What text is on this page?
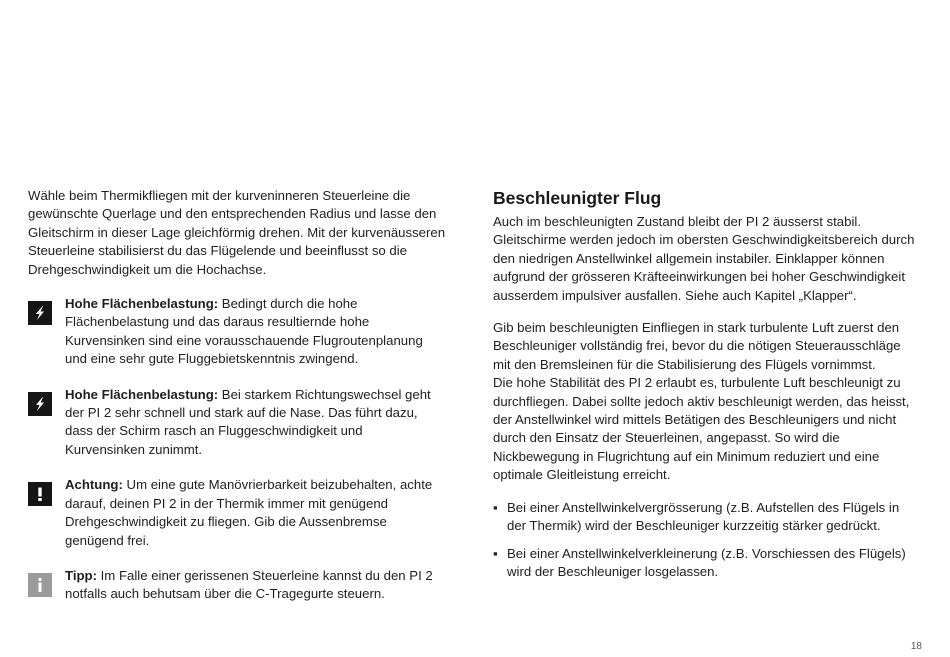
Wähle beim Thermikfliegen mit der kurveninneren Steuerleine die gewünschte Querlage und den entsprechenden Radius und lasse den Gleitschirm in dieser Lage gleichförmig drehen. Mit der kurvenäusseren Steuerleine stabilisierst du das Flügelende und beeinflusst so die Drehgeschwindigkeit um die Hochachse.

Hohe Flächenbelastung: Bedingt durch die hohe Flächenbelastung und das daraus resultiernde hohe Kurvensinken sind eine vorausschauende Flugroutenplanung und eine sehr gute Fluggebietskenntnis zwingend.

Hohe Flächenbelastung: Bei starkem Richtungswechsel geht der PI 2 sehr schnell und stark auf die Nase. Das führt dazu, dass der Schirm rasch an Fluggeschwindigkeit und Kurvensinken zunimmt.

Achtung: Um eine gute Manövrierbarkeit beizubehalten, achte darauf, deinen PI 2 in der Thermik immer mit genügend Drehgeschwindigkeit zu fliegen. Gib die Aussenbremse genügend frei.

Tipp: Im Falle einer gerissenen Steuerleine kannst du den PI 2 notfalls auch behutsam über die C-Tragegurte steuern.

Beschleunigter Flug

Auch im beschleunigten Zustand bleibt der PI 2 äusserst stabil. Gleitschirme werden jedoch im obersten Geschwindigkeitsbereich durch den niedrigen Anstellwinkel allgemein instabiler. Einklapper können aufgrund der grösseren Kräfteeinwirkungen bei hoher Geschwindigkeit ausserdem impulsiver ausfallen. Siehe auch Kapitel „Klapper“.

Gib beim beschleunigten Einfliegen in stark turbulente Luft zuerst den Beschleuniger vollständig frei, bevor du die nötigen Steuerausschläge mit den Bremsleinen für die Stabilisierung des Flügels vornimmst.

Die hohe Stabilität des PI 2 erlaubt es, turbulente Luft beschleunigt zu durchfliegen. Dabei sollte jedoch aktiv beschleunigt werden, das heisst, der Anstellwinkel wird mittels Betätigen des Beschleunigers und nicht durch den Einsatz der Steuerleinen, angepasst. So wird die Nickbewegung in Flugrichtung auf ein Minimum reduziert und eine optimale Gleitleistung erreicht.

▪ Bei einer Anstellwinkelvergrösserung (z.B. Aufstellen des Flügels in der Thermik) wird der Beschleuniger kurzzeitig stärker gedrückt.
▪ Bei einer Anstellwinkelverkleinerung (z.B. Vorschiessen des Flügels) wird der Beschleuniger losgelassen.
18
